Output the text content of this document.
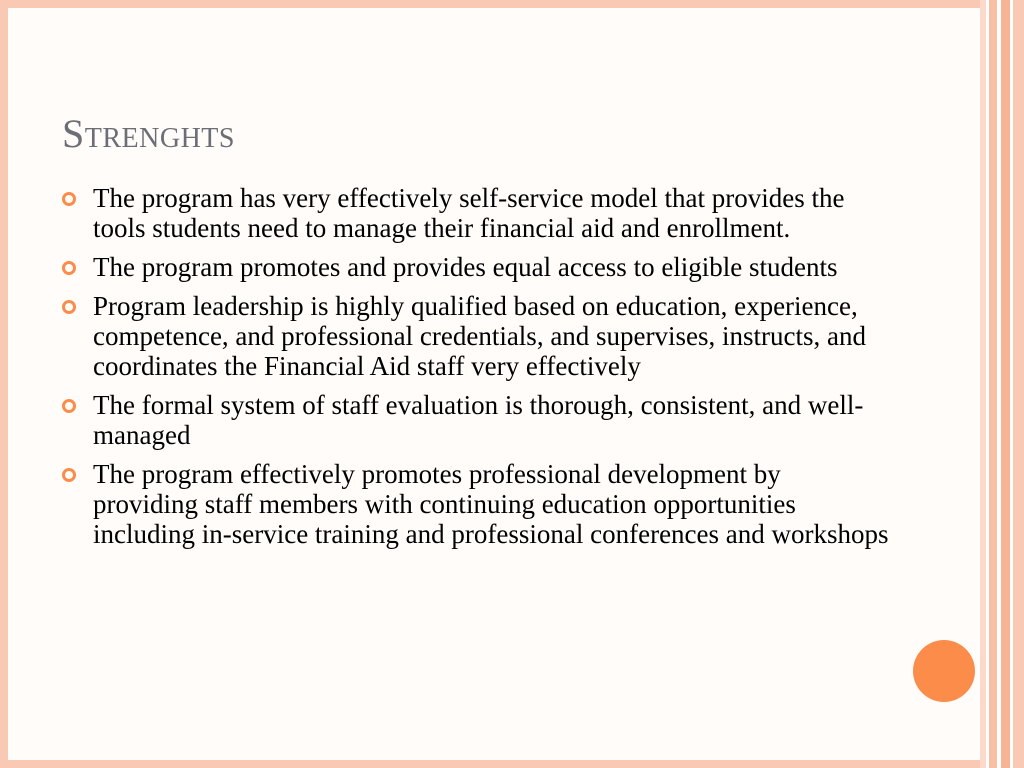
Strenghts
The program has very effectively self-service model that provides the tools students need to manage their financial aid and enrollment.
The program promotes and provides equal access to eligible students
Program leadership is highly qualified based on education, experience, competence, and professional credentials, and supervises, instructs, and coordinates the Financial Aid staff very effectively
The formal system of staff evaluation is thorough, consistent, and well-managed
The program effectively promotes professional development by providing staff members with continuing education opportunities including in-service training and professional conferences and workshops
